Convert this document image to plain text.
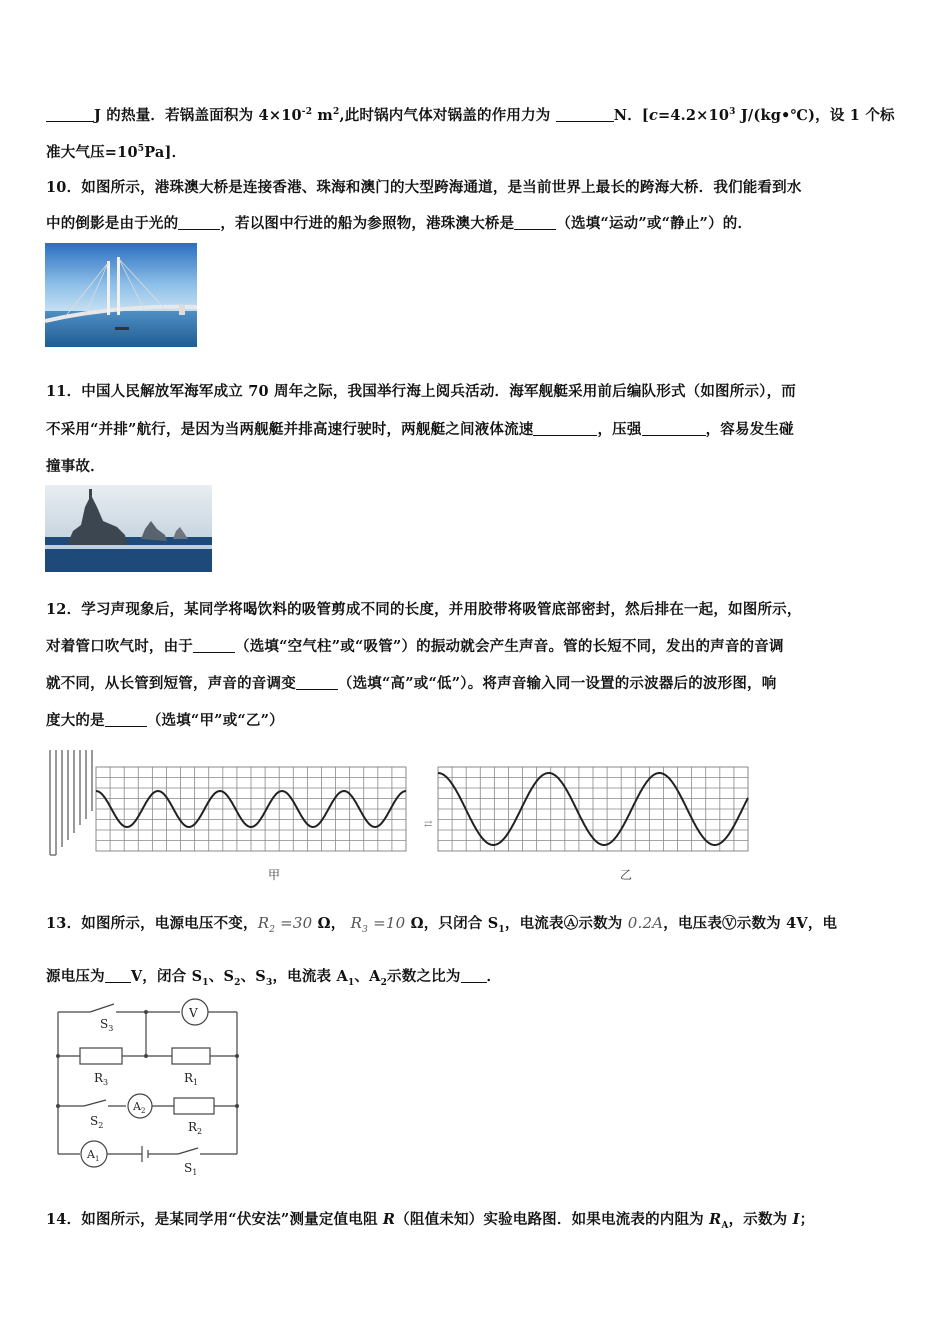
J 的热量．若锅盖面积为 $4\times 10^{-2}$ $m^2$,此时锅内气体对锅盖的作用力为	N．[$c=4.2\times 10^3$ J/(kg•℃)，设 1 个标
准大气压$=10^5Pa$]．
10．如图所示，港珠澳大桥是连接香港、珠海和澳门的大型跨海通道，是当前世界上最长的跨海大桥．我们能看到水
中的倒影是由于光的	，若以图中行进的船为参照物，港珠澳大桥是	（选填“运动”或“静止”）的．
11．中国人民解放军海军成立 70 周年之际，我国举行海上阅兵活动．海军舰艇采用前后编队形式（如图所示），而
不采用“并排”航行，是因为当两舰艇并排高速行驶时，两舰艇之间液体流速	，压强	，容易发生碰
撞事故．
12．学习声现象后，某同学将喝饮料的吸管剪成不同的长度，并用胶带将吸管底部密封，然后排在一起，如图所示，
对着管口吹气时，由于	（选填“空气柱”或“吸管”）的振动就会产生声音。管的长短不同，发出的声音的音调
就不同，从长管到短管，声音的音调变	（选填“高”或“低”）。将声音输入同一设置的示波器后的波形图，响
度大的是	（选填“甲”或“乙”）
⇄
甲	乙
13．如图所示，电源电压不变，$R_2 =30$ Ω， $R_3 =10$ Ω，只闭合 $S_1$，电流表Ⓐ示数为 0.2A，电压表Ⓥ示数为 4V，电
源电压为 V，闭合 $S_1$、$S_2$、$S_3$，电流表 $A_1$、$A_2$示数之比为 ．
$S_3$
V
$R_3$	$R_1$
$S_2$
$A_2$
$R_2$
$A_1$
$S_1$
14．如图所示，是某同学用“伏安法”测量定值电阻 R（阻值未知）实验电路图．如果电流表的内阻为 $R_A$，示数为 I；
